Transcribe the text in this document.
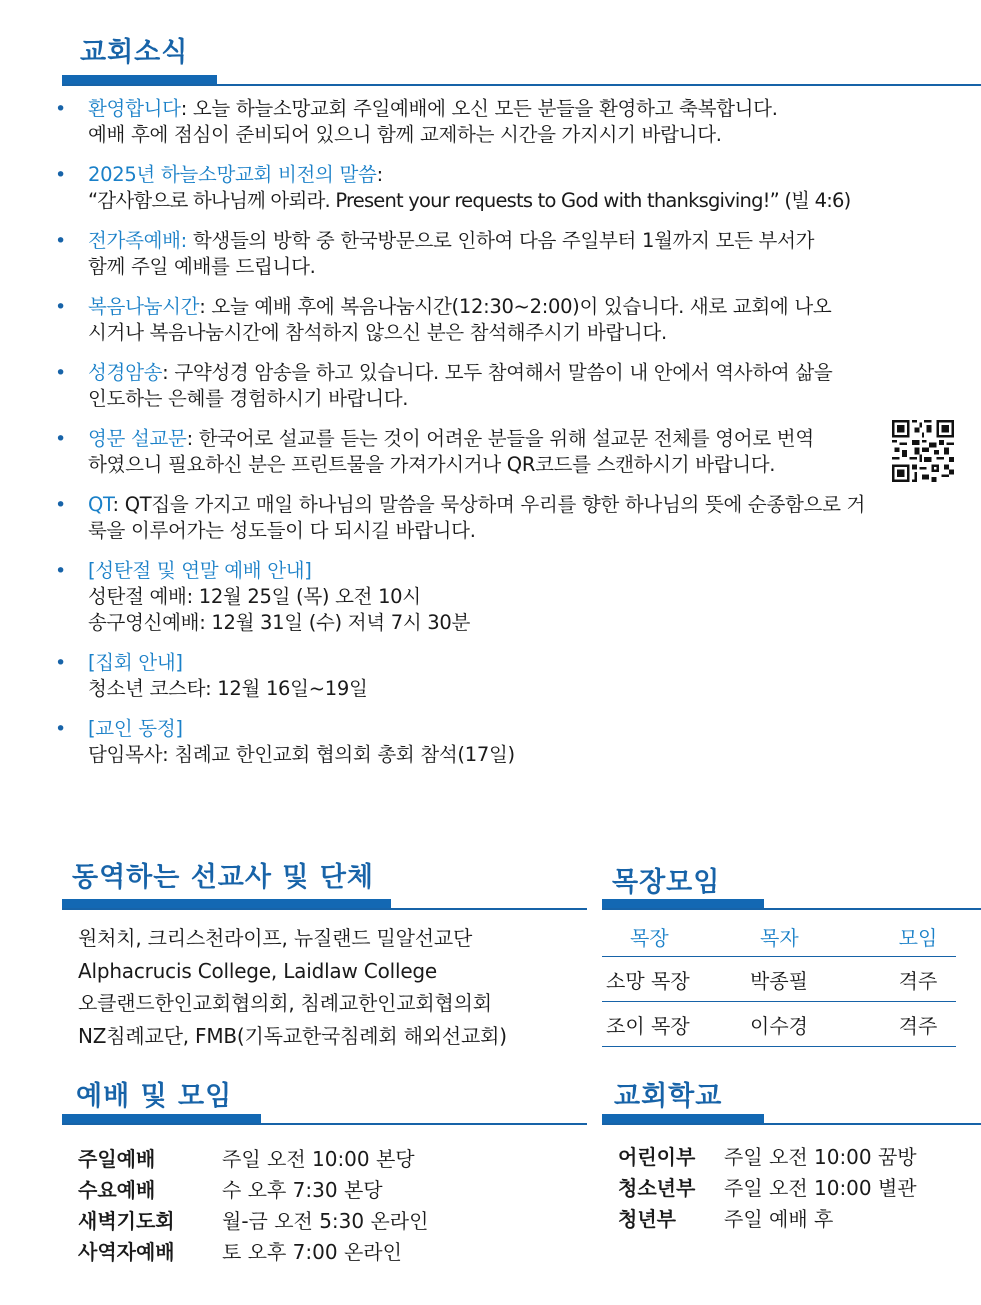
교회소식
• 환영합니다: 오늘 하늘소망교회 주일예배에 오신 모든 분들을 환영하고 축복합니다.
예배 후에 점심이 준비되어 있으니 함께 교제하는 시간을 가지시기 바랍니다.
• 2025년 하늘소망교회 비전의 말씀:
“감사함으로 하나님께 아뢰라. Present your requests to God with thanksgiving!” (빌 4:6)
• 전가족예배: 학생들의 방학 중 한국방문으로 인하여 다음 주일부터 1월까지 모든 부서가
함께 주일 예배를 드립니다.
• 복음나눔시간: 오늘 예배 후에 복음나눔시간(12:30~2:00)이 있습니다. 새로 교회에 나오
시거나 복음나눔시간에 참석하지 않으신 분은 참석해주시기 바랍니다.
• 성경암송: 구약성경 암송을 하고 있습니다. 모두 참여해서 말씀이 내 안에서 역사하여 삶을
인도하는 은혜를 경험하시기 바랍니다.
• 영문 설교문: 한국어로 설교를 듣는 것이 어려운 분들을 위해 설교문 전체를 영어로 번역
하였으니 필요하신 분은 프린트물을 가져가시거나 QR코드를 스캔하시기 바랍니다.
• QT: QT집을 가지고 매일 하나님의 말씀을 묵상하며 우리를 향한 하나님의 뜻에 순종함으로 거
룩을 이루어가는 성도들이 다 되시길 바랍니다.
• [성탄절 및 연말 예배 안내]
성탄절 예배: 12월 25일 (목) 오전 10시
송구영신예배: 12월 31일 (수) 저녁 7시 30분
• [집회 안내]
청소년 코스타: 12월 16일~19일
• [교인 동정]
담임목사: 침례교 한인교회 협의회 총회 참석(17일)
동역하는 선교사 및 단체
원처치, 크리스천라이프, 뉴질랜드 밀알선교단
Alphacrucis College, Laidlaw College
오클랜드한인교회협의회, 침례교한인교회협의회
NZ침례교단, FMB(기독교한국침례회 해외선교회)
목장모임
목장	목자	모임
소망 목장	박종필	격주
조이 목장	이수경	격주
예배 및 모임
주일예배	주일 오전 10:00 본당
수요예배	수 오후 7:30 본당
새벽기도회	월-금 오전 5:30 온라인
사역자예배	토 오후 7:00 온라인
교회학교
어린이부	주일 오전 10:00 꿈방
청소년부	주일 오전 10:00 별관
청년부	주일 예배 후
